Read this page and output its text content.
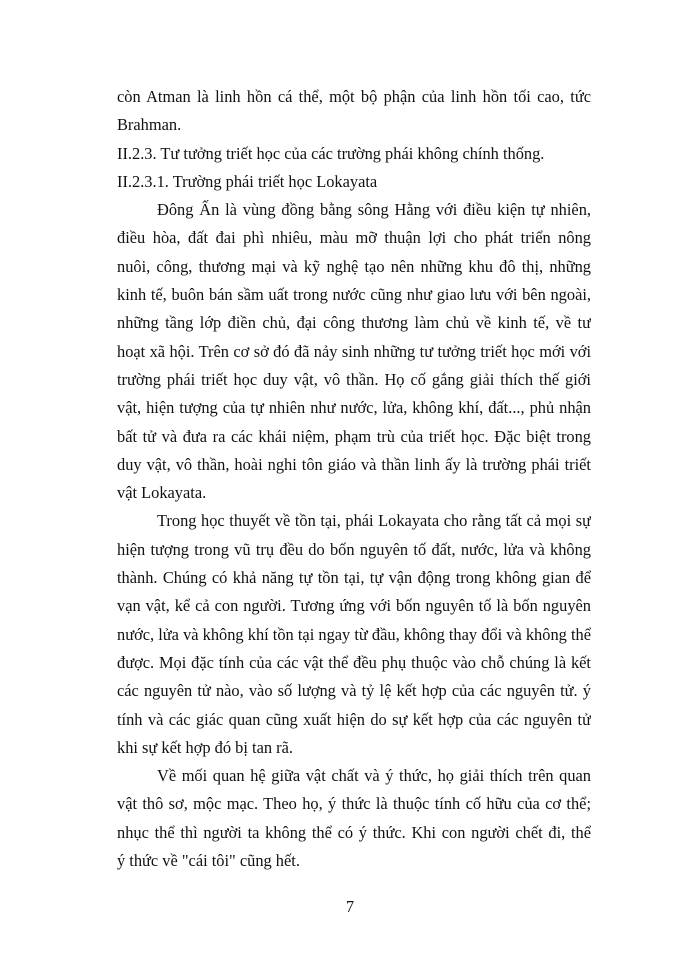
còn Atman là linh hồn cá thể, một bộ phận của linh hồn tối cao, tức
Brahman.
II.2.3. Tư tưởng triết học của các trường phái không chính thống.
II.2.3.1. Trường phái triết học Lokayata
Đông Ấn là vùng đồng bằng sông Hằng với điều kiện tự nhiên,
điều hòa, đất đai phì nhiêu, màu mỡ thuận lợi cho phát triển nông
nuôi, công, thương mại và kỹ nghệ tạo nên những khu đô thị, những
kinh tế, buôn bán sầm uất trong nước cũng như giao lưu với bên ngoài,
những tầng lớp điền chủ, đại công thương làm chủ về kinh tế, về tư
hoạt xã hội. Trên cơ sở đó đã nảy sinh những tư tưởng triết học mới với
trường phái triết học duy vật, vô thần. Họ cố gắng giải thích thế giới
vật, hiện tượng của tự nhiên như nước, lửa, không khí, đất..., phủ nhận
bất tử và đưa ra các khái niệm, phạm trù của triết học. Đặc biệt trong
duy vật, vô thần, hoài nghi tôn giáo và thần linh ấy là trường phái triết
vật Lokayata.
Trong học thuyết về tồn tại, phái Lokayata cho rằng tất cả mọi sự
hiện tượng trong vũ trụ đều do bốn nguyên tố đất, nước, lửa và không
thành. Chúng có khả năng tự tồn tại, tự vận động trong không gian để
vạn vật, kể cả con người. Tương ứng với bốn nguyên tố là bốn nguyên
nước, lửa và không khí tồn tại ngay từ đầu, không thay đổi và không thể
được. Mọi đặc tính của các vật thể đều phụ thuộc vào chỗ chúng là kết
các nguyên tử nào, vào số lượng và tỷ lệ kết hợp của các nguyên tử. ý
tính và các giác quan cũng xuất hiện do sự kết hợp của các nguyên tử
khi sự kết hợp đó bị tan rã.
Về mối quan hệ giữa vật chất và ý thức, họ giải thích trên quan
vật thô sơ, mộc mạc. Theo họ, ý thức là thuộc tính cố hữu của cơ thể;
nhục thể thì người ta không thể có ý thức. Khi con người chết đi, thể
ý thức về "cái tôi" cũng hết.
7
